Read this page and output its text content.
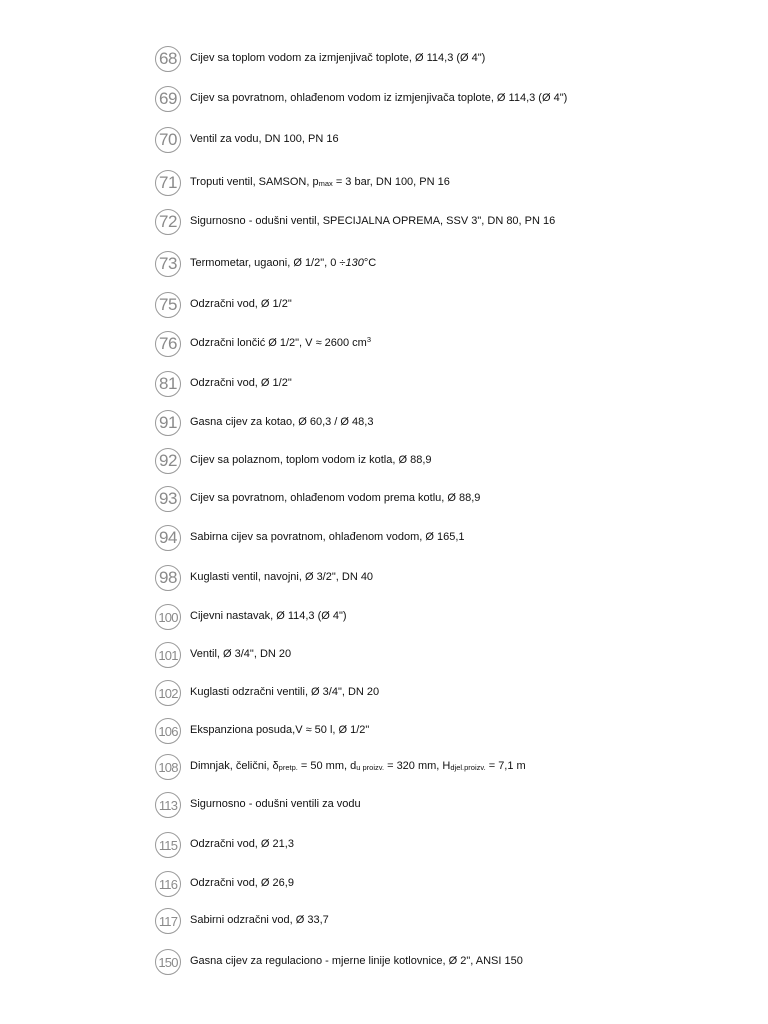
68	Cijev sa toplom vodom za izmjenjivač toplote, Ø 114,3 (Ø 4")
69	Cijev sa povratnom, ohlađenom vodom iz izmjenjivača toplote, Ø 114,3 (Ø 4")
70	Ventil za vodu, DN 100, PN 16
71	Troputi ventil, SAMSON, $p_{max} = 3$ bar, DN 100, PN 16
72	Sigurnosno - odušni ventil, SPECIJALNA OPREMA, SSV 3", DN 80, PN 16
73	Termometar, ugaoni, Ø 1/2", 0 ÷130°C
75	Odzračni vod, Ø 1/2"
76	Odzračni lončić Ø 1/2", V ≈ 2600 $cm^3$
81	Odzračni vod, Ø 1/2"
91	Gasna cijev za kotao, Ø 60,3 / Ø 48,3
92	Cijev sa polaznom, toplom vodom iz kotla, Ø 88,9
93	Cijev sa povratnom, ohlađenom vodom prema kotlu, Ø 88,9
94	Sabirna cijev sa povratnom, ohlađenom vodom, Ø 165,1
98	Kuglasti ventil, navojni, Ø 3/2", DN 40
100	Cijevni nastavak, Ø 114,3 (Ø 4")
101	Ventil, Ø 3/4", DN 20
102	Kuglasti odzračni ventili, Ø 3/4", DN 20
106	Ekspanziona posuda,V ≈ 50 l, Ø 1/2"
108	Dimnjak, čelični, $\delta_{pretp.} = 50$ mm, $d_{u proizv.} = 320$ mm, $H_{djel.proizv.} = 7,1$ m
113	Sigurnosno - odušni ventili za vodu
115	Odzračni vod, Ø 21,3
116	Odzračni vod, Ø 26,9
117	Sabirni odzračni vod, Ø 33,7
150	Gasna cijev za regulaciono - mjerne linije kotlovnice, Ø 2", ANSI 150
